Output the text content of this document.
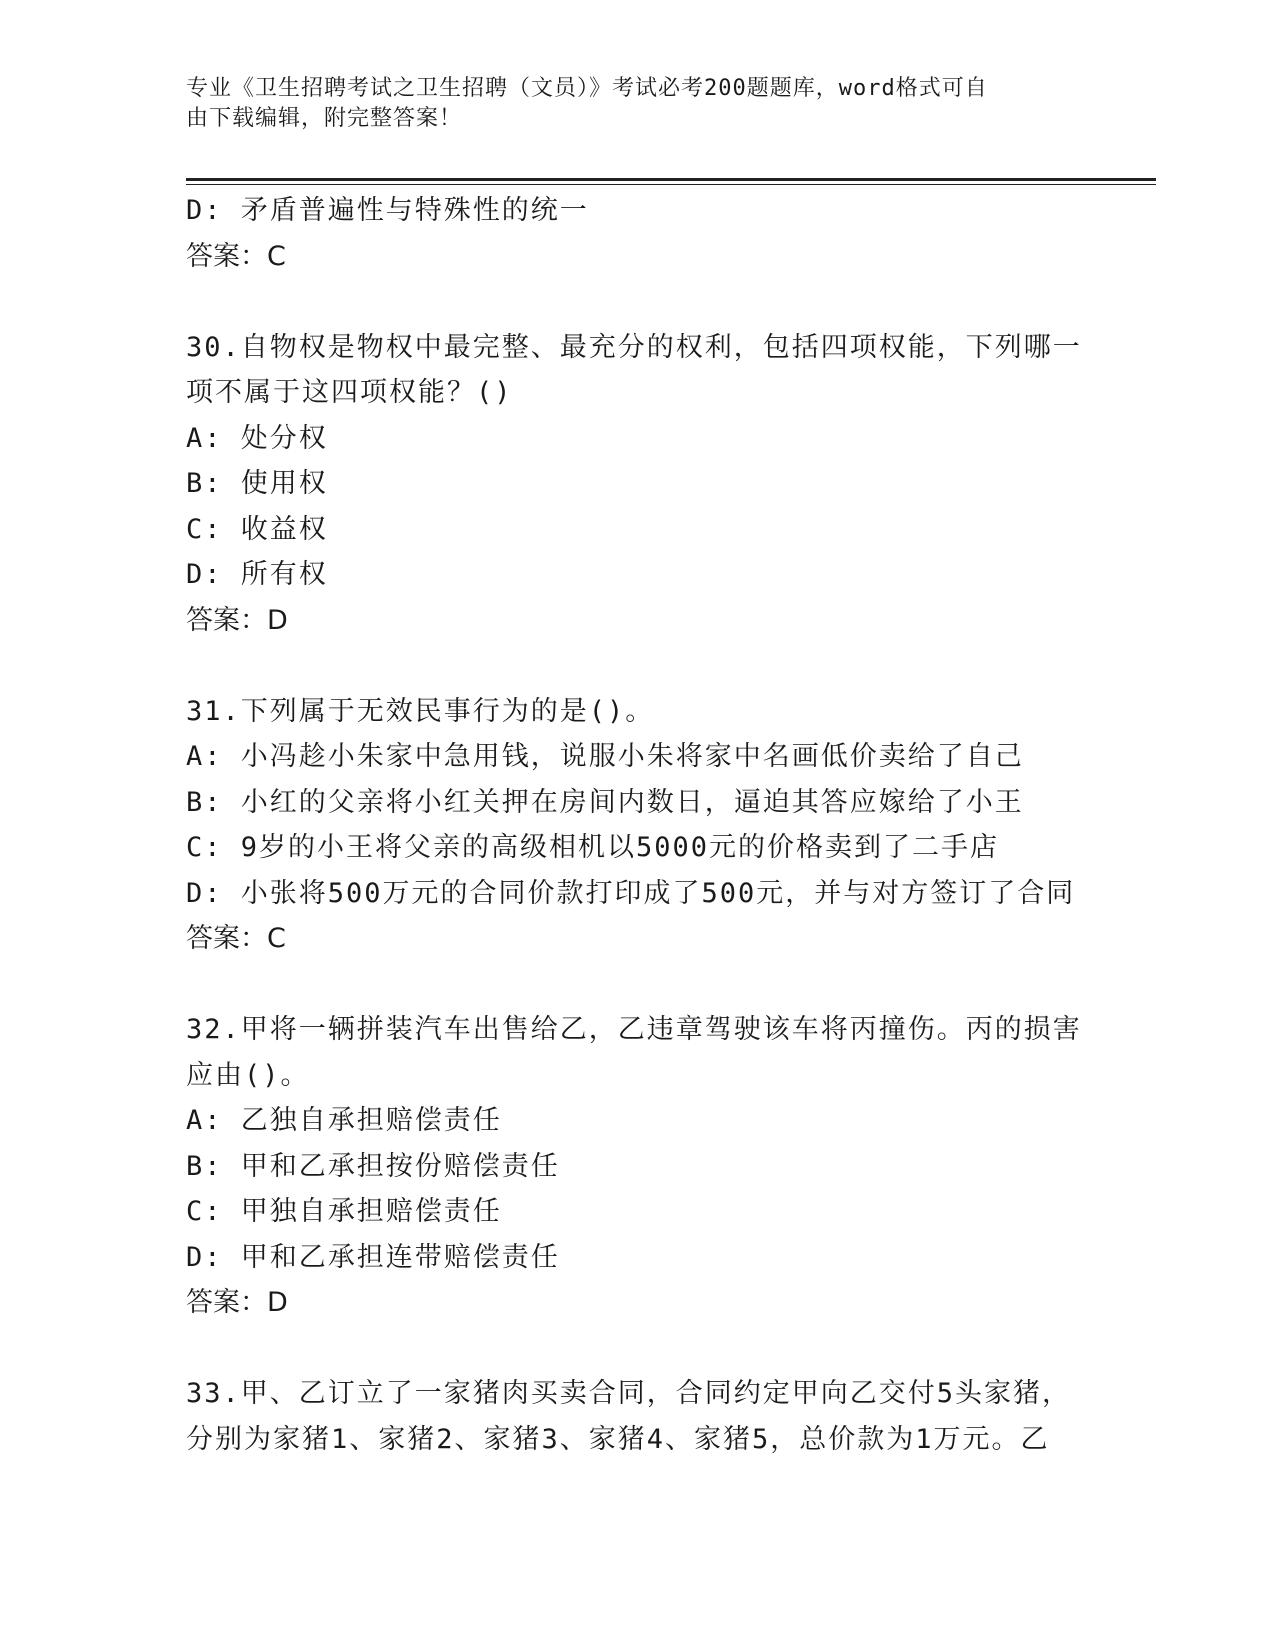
专业《卫生招聘考试之卫生招聘（文员）》考试必考200题题库，word格式可自
由下载编辑，附完整答案！
D: 矛盾普遍性与特殊性的统一
答案：C
30.自物权是物权中最完整、最充分的权利，包括四项权能，下列哪一
项不属于这四项权能？()
A: 处分权
B: 使用权
C: 收益权
D: 所有权
答案：D
31.下列属于无效民事行为的是()。
A: 小冯趁小朱家中急用钱，说服小朱将家中名画低价卖给了自己
B: 小红的父亲将小红关押在房间内数日，逼迫其答应嫁给了小王
C: 9岁的小王将父亲的高级相机以5000元的价格卖到了二手店
D: 小张将500万元的合同价款打印成了500元，并与对方签订了合同
答案：C
32.甲将一辆拼装汽车出售给乙，乙违章驾驶该车将丙撞伤。丙的损害
应由()。
A: 乙独自承担赔偿责任
B: 甲和乙承担按份赔偿责任
C: 甲独自承担赔偿责任
D: 甲和乙承担连带赔偿责任
答案：D
33.甲、乙订立了一家猪肉买卖合同，合同约定甲向乙交付5头家猪，
分别为家猪1、家猪2、家猪3、家猪4、家猪5，总价款为1万元。乙
